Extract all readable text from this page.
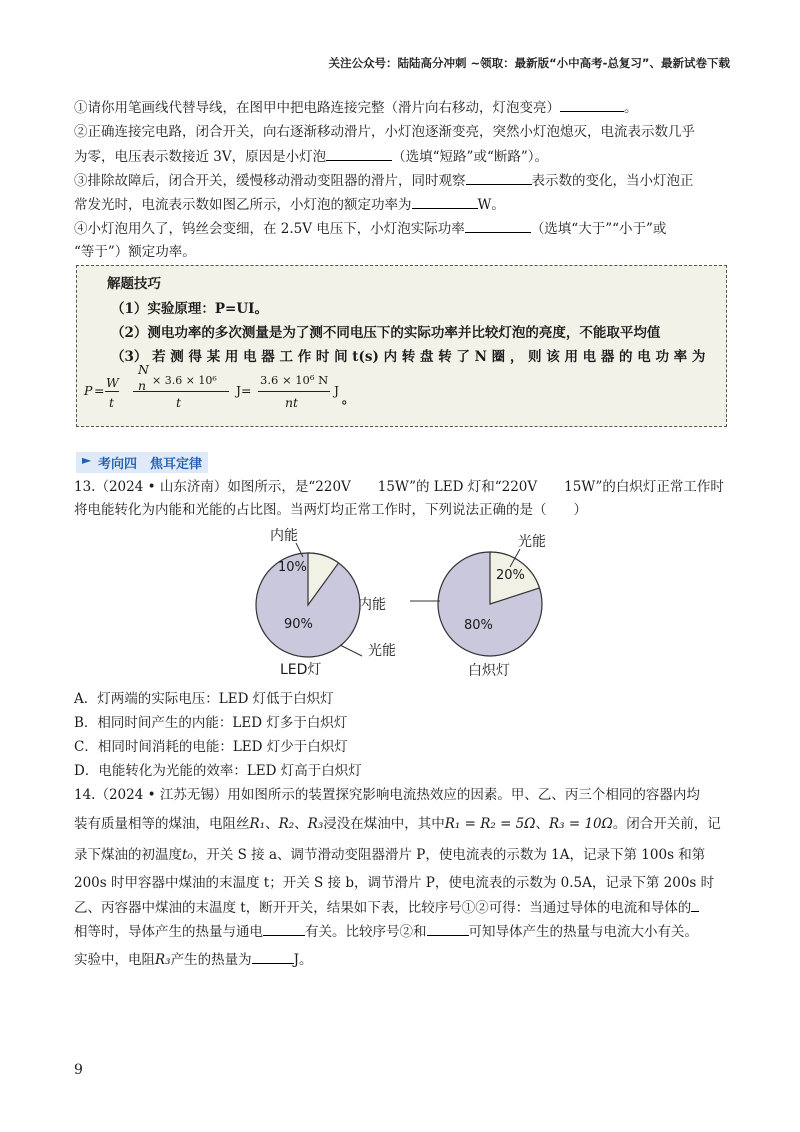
关注公众号：陆陆高分冲刺 ~领取：最新版“小中高考-总复习”、最新试卷下载
①请你用笔画线代替导线，在图甲中把电路连接完整（滑片向右移动，灯泡变亮）	。
②正确连接完电路，闭合开关，向右逐渐移动滑片，小灯泡逐渐变亮，突然小灯泡熄灭，电流表示数几乎
为零，电压表示数接近 3V，原因是小灯泡	（选填“短路”或“断路”）。
③排除故障后，闭合开关，缓慢移动滑动变阻器的滑片，同时观察	表示数的变化，当小灯泡正
常发光时，电流表示数如图乙所示，小灯泡的额定功率为	W。
④小灯泡用久了，钨丝会变细，在 2.5V 电压下，小灯泡实际功率	（选填“大于”“小于”或
“等于”）额定功率。
解题技巧
（1）实验原理：P=UI。
（2）测电功率的多次测量是为了测不同电压下的实际功率并比较灯泡的亮度，不能取平均值
（3） 若 测 得 某 用 电 器 工 作 时 间 t(s) 内 转 盘 转 了 N 圈 ， 则 该 用 电 器 的 电 功 率 为
P =
W
t
N
× 3.6 × 10⁶
n
t
J=
3.6 × 10⁶ N
nt
J
。
► 考向四　焦耳定律
13.（2024 • 山东济南）如图所示，是“220V　　15W”的 LED 灯和“220V　　15W”的白炽灯正常工作时
将电能转化为内能和光能的占比图。当两灯均正常工作时，下列说法正确的是（　　）
内能
光能
LED灯
10%
90%
光能
内能
白炽灯
20%
80%
A．灯两端的实际电压：LED 灯低于白炽灯
B．相同时间产生的内能：LED 灯多于白炽灯
C．相同时间消耗的电能：LED 灯少于白炽灯
D．电能转化为光能的效率：LED 灯高于白炽灯
14.（2024 • 江苏无锡）用如图所示的装置探究影响电流热效应的因素。甲、乙、丙三个相同的容器内均
装有质量相等的煤油，电阻丝R₁、R₂、R₃浸没在煤油中，其中R₁ = R₂ = 5Ω、R₃ = 10Ω。闭合开关前，记
录下煤油的初温度t₀，开关 S 接 a、调节滑动变阻器滑片 P，使电流表的示数为 1A，记录下第 100s 和第
200s 时甲容器中煤油的末温度 t；开关 S 接 b，调节滑片 P，使电流表的示数为 0.5A，记录下第 200s 时
乙、丙容器中煤油的末温度 t，断开开关，结果如下表，比较序号①②可得：当通过导体的电流和导体的
相等时，导体产生的热量与通电	有关。比较序号②和	可知导体产生的热量与电流大小有关。
实验中，电阻R₃产生的热量为	J。
9
